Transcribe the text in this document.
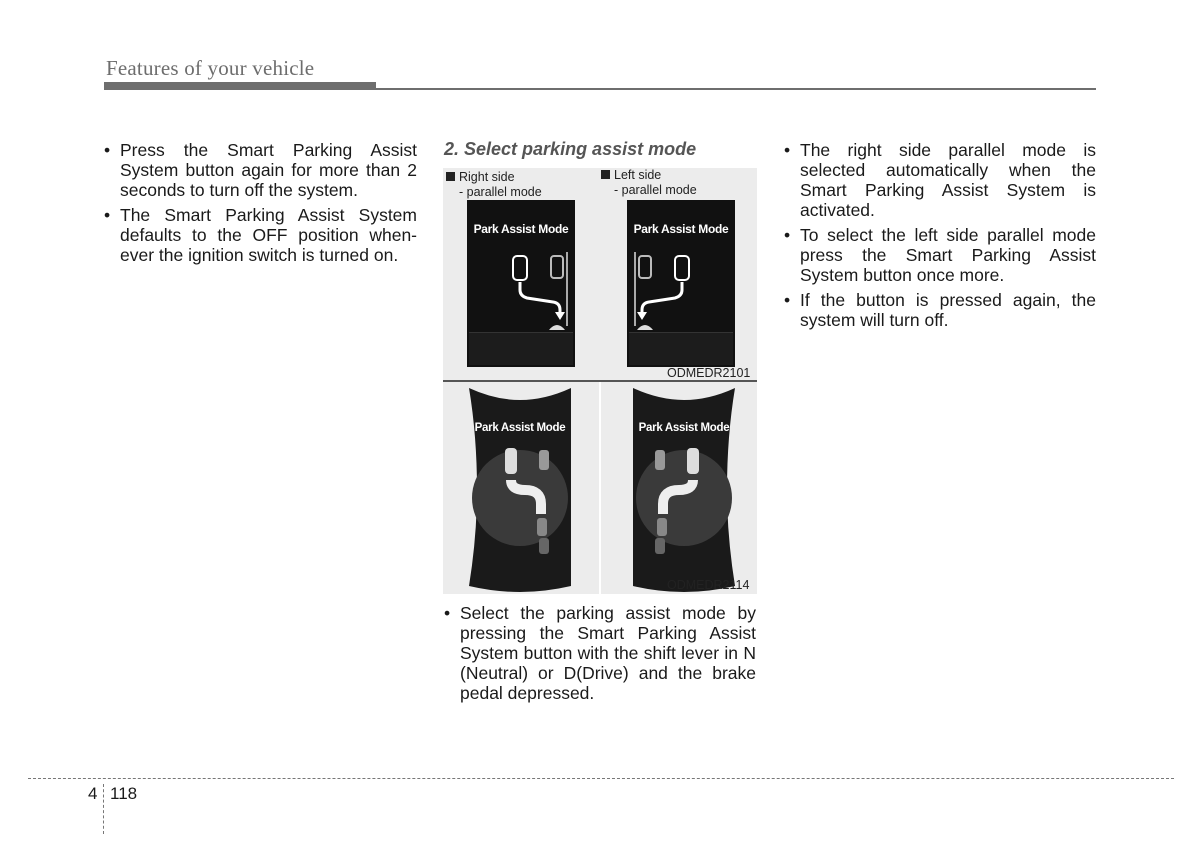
Features of your vehicle
• Press the Smart Parking Assist System button again for more than 2 seconds to turn off the system.
• The Smart Parking Assist System defaults to the OFF position when-ever the ignition switch is turned on.
2. Select parking assist mode
Right side
- parallel mode
Left side
- parallel mode
Park Assist Mode	Park Assist Mode
ODMEDR2101
Park Assist Mode	Park Assist Mode
ODMEDR2114
• Select the parking assist mode by pressing the Smart Parking Assist System button with the shift lever in N (Neutral) or D(Drive) and the brake pedal depressed.
• The right side parallel mode is selected automatically when the Smart Parking Assist System is activated.
• To select the left side parallel mode press the Smart Parking Assist System button once more.
• If the button is pressed again, the system will turn off.
4 118
